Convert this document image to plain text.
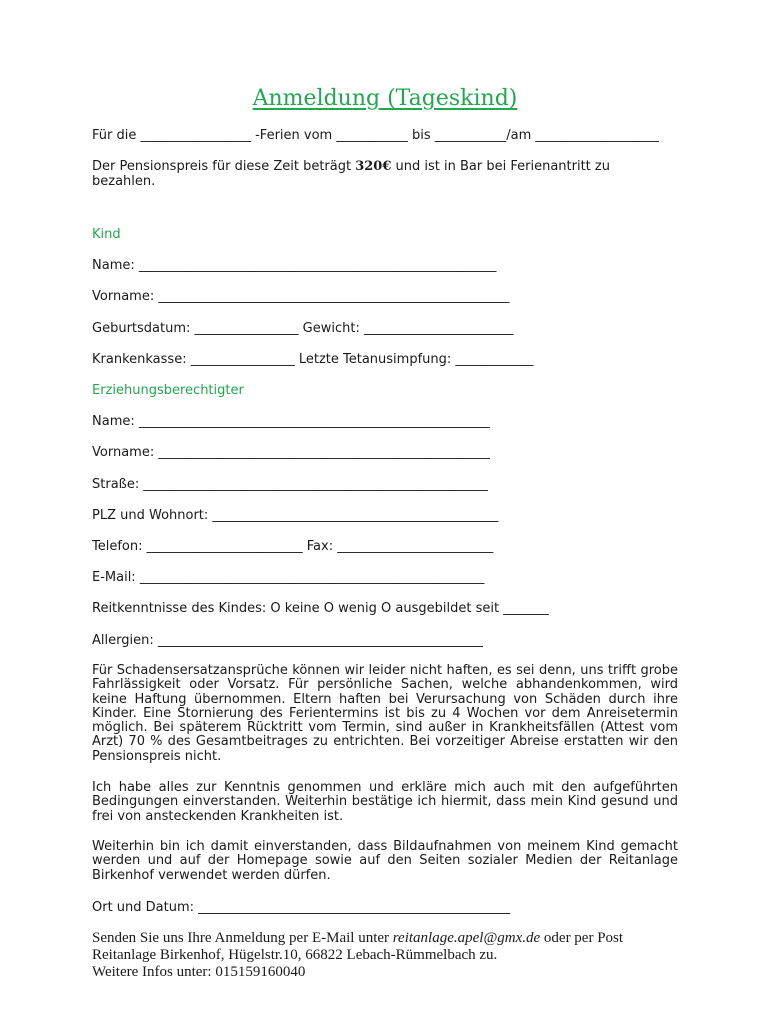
Anmeldung (Tageskind)
Für die _________________ -Ferien vom ___________ bis ___________/am ___________________
Der Pensionspreis für diese Zeit beträgt 320€ und ist in Bar bei Ferienantritt zu
bezahlen.
Kind
Name: _______________________________________________________
Vorname: ______________________________________________________
Geburtsdatum: ________________ Gewicht: _______________________
Krankenkasse: ________________ Letzte Tetanusimpfung: ____________
Erziehungsberechtigter
Name: ______________________________________________________
Vorname: ___________________________________________________
Straße: _____________________________________________________
PLZ und Wohnort: ____________________________________________
Telefon: ________________________ Fax: ________________________
E-Mail: _____________________________________________________
Reitkenntnisse des Kindes: O keine O wenig O ausgebildet seit _______
Allergien: __________________________________________________
Für Schadensersatzansprüche können wir leider nicht haften, es sei denn, uns trifft grobe Fahrlässigkeit oder Vorsatz. Für persönliche Sachen, welche abhandenkommen, wird keine Haftung übernommen. Eltern haften bei Verursachung von Schäden durch ihre Kinder. Eine Stornierung des Ferientermins ist bis zu 4 Wochen vor dem Anreisetermin möglich. Bei späterem Rücktritt vom Termin, sind außer in Krankheitsfällen (Attest vom Arzt) 70 % des Gesamtbeitrages zu entrichten. Bei vorzeitiger Abreise erstatten wir den Pensionspreis nicht.
Ich habe alles zur Kenntnis genommen und erkläre mich auch mit den aufgeführten Bedingungen einverstanden. Weiterhin bestätige ich hiermit, dass mein Kind gesund und frei von ansteckenden Krankheiten ist.
Weiterhin bin ich damit einverstanden, dass Bildaufnahmen von meinem Kind gemacht werden und auf der Homepage sowie auf den Seiten sozialer Medien der Reitanlage Birkenhof verwendet werden dürfen.
Ort und Datum: ________________________________________________
Senden Sie uns Ihre Anmeldung per E-Mail unter reitanlage.apel@gmx.de oder per Post
Reitanlage Birkenhof, Hügelstr.10, 66822 Lebach-Rümmelbach zu.
Weitere Infos unter: 015159160040
